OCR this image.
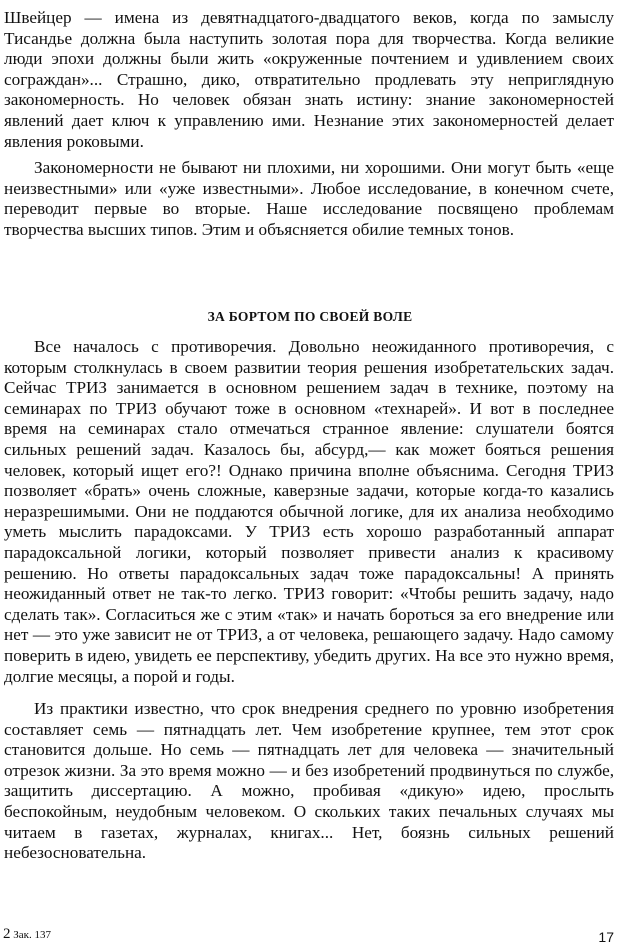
Швейцер — имена из девятнадцатого-двадцатого веков, когда по замыслу Тисандье должна была наступить золотая пора для творчества. Когда великие люди эпохи должны были жить «окруженные почтением и удивлением своих сограждан»... Страшно, дико, отвратительно продлевать эту неприглядную закономерность. Но человек обязан знать истину: знание закономерностей явлений дает ключ к управлению ими. Незнание этих закономерностей делает явления роковыми.

Закономерности не бывают ни плохими, ни хорошими. Они могут быть «еще неизвестными» или «уже известными». Любое исследование, в конечном счете, переводит первые во вторые. Наше исследование посвящено проблемам творчества высших типов. Этим и объясняется обилие темных тонов.

ЗА БОРТОМ ПО СВОЕЙ ВОЛЕ

Все началось с противоречия. Довольно неожиданного противоречия, с которым столкнулась в своем развитии теория решения изобретательских задач. Сейчас ТРИЗ занимается в основном решением задач в технике, поэтому на семинарах по ТРИЗ обучают тоже в основном «технарей». И вот в последнее время на семинарах стало отмечаться странное явление: слушатели боятся сильных решений задач. Казалось бы, абсурд,— как может бояться решения человек, который ищет его?! Однако причина вполне объяснима. Сегодня ТРИЗ позволяет «брать» очень сложные, каверзные задачи, которые когда-то казались неразрешимыми. Они не поддаются обычной логике, для их анализа необходимо уметь мыслить парадоксами. У ТРИЗ есть хорошо разработанный аппарат парадоксальной логики, который позволяет привести анализ к красивому решению. Но ответы парадоксальных задач тоже парадоксальны! А принять неожиданный ответ не так-то легко. ТРИЗ говорит: «Чтобы решить задачу, надо сделать так». Согласиться же с этим «так» и начать бороться за его внедрение или нет — это уже зависит не от ТРИЗ, а от человека, решающего задачу. Надо самому поверить в идею, увидеть ее перспективу, убедить других. На все это нужно время, долгие месяцы, а порой и годы.

Из практики известно, что срок внедрения среднего по уровню изобретения составляет семь — пятнадцать лет. Чем изобретение крупнее, тем этот срок становится дольше. Но семь — пятнадцать лет для человека — значительный отрезок жизни. За это время можно — и без изобретений продвинуться по службе, защитить диссертацию. А можно, пробивая «дикую» идею, прослыть беспокойным, неудобным человеком. О скольких таких печальных случаях мы читаем в газетах, журналах, книгах... Нет, боязнь сильных решений небезосновательна.

2 Зак. 137	17
